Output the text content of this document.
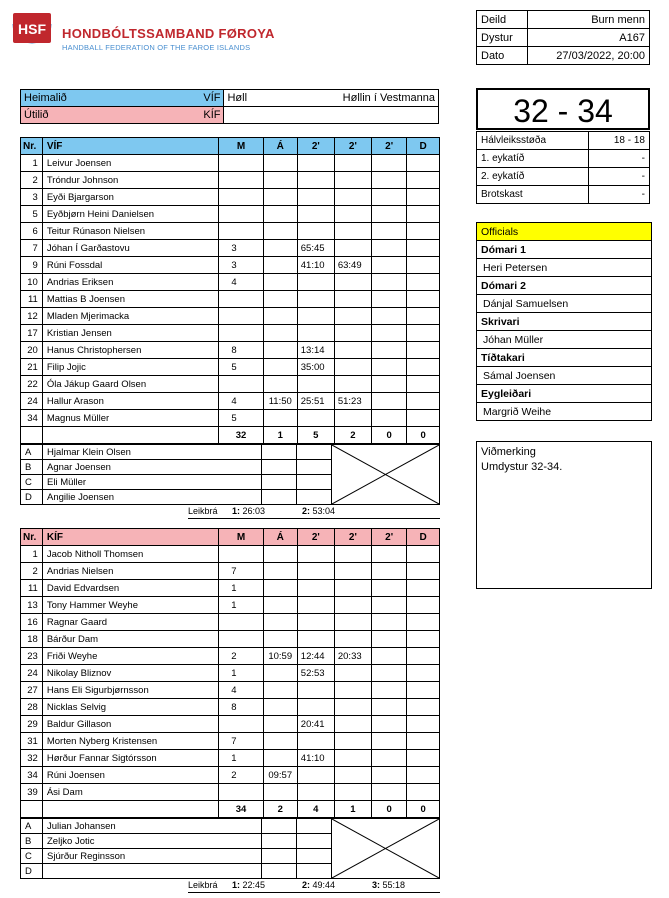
HSF HONDBÓLTSSAMBAND FØROYA
HANDBALL FEDERATION OF THE FAROE ISLANDS
Deild	Burn menn
Dystur	A167
Dato	27/03/2022, 20:00
Heimalið VÍF	Høll Høllin í Vestmanna

Útilið KÍF	
		32 - 34
Hálvleiksstøða	18 - 18
1. eykatíð	-
2. eykatíð	-
Brotskast	-
Officials
Dómari 1
Heri Petersen
Dómari 2
Dánjal Samuelsen
Skrivari
Jóhan Müller
Tíðtakari
Sámal Joensen
Eygleiðari
Margrið Weihe
Viðmerking
Umdystur 32-34.
Nr.	VÍF	M	Á	2'	2'	2'	D
1	Leivur Joensen						
2	Tróndur Johnson						
3	Eyði Bjargarson						
5	Eyðbjørn Heini Danielsen						
6	Teitur Rúnason Nielsen						
7	Jóhan Í Garðastovu	3		65:45			
9	Rúni Fossdal	3		41:10	63:49		
10	Andrias Eriksen	4					
11	Mattias B Joensen						
12	Mladen Mjerimacka						
17	Kristian Jensen						
20	Hanus Christophersen	8		13:14			
21	Filip Jojic	5		35:00			
22	Óla Jákup Gaard Olsen						
24	Hallur Arason	4	11:50	25:51	51:23		
34	Magnus Müller	5					
		32	1	5	2	0	0
A	Hjalmar Klein Olsen			

B	Agnar Joensen			
C	Eli Müller			
D	Angilie Joensen			
Leikbrá 1: 26:03	2: 53:04
Nr.	KÍF	M	Á	2'	2'	2'	D
1	Jacob Nitholl Thomsen						
2	Andrias Nielsen	7					
11	David Edvardsen	1					
13	Tony Hammer Weyhe	1					
16	Ragnar Gaard						
18	Bárður Dam						
23	Friði Weyhe	2	10:59	12:44	20:33		
24	Nikolay Bliznov	1		52:53			
27	Hans Eli Sigurbjørnsson	4					
28	Nicklas Selvig	8					
29	Baldur Gillason			20:41			
31	Morten Nyberg Kristensen	7					
32	Hørður Fannar Sigtórsson	1		41:10			
34	Rúni Joensen	2	09:57				
39	Ási Dam						
		34	2	4	1	0	0
A	Julian Johansen			

B	Zeljko Jotic			
C	Sjúrður Reginsson			
D				
Leikbrá 1: 22:45	2: 49:44	3: 55:18
